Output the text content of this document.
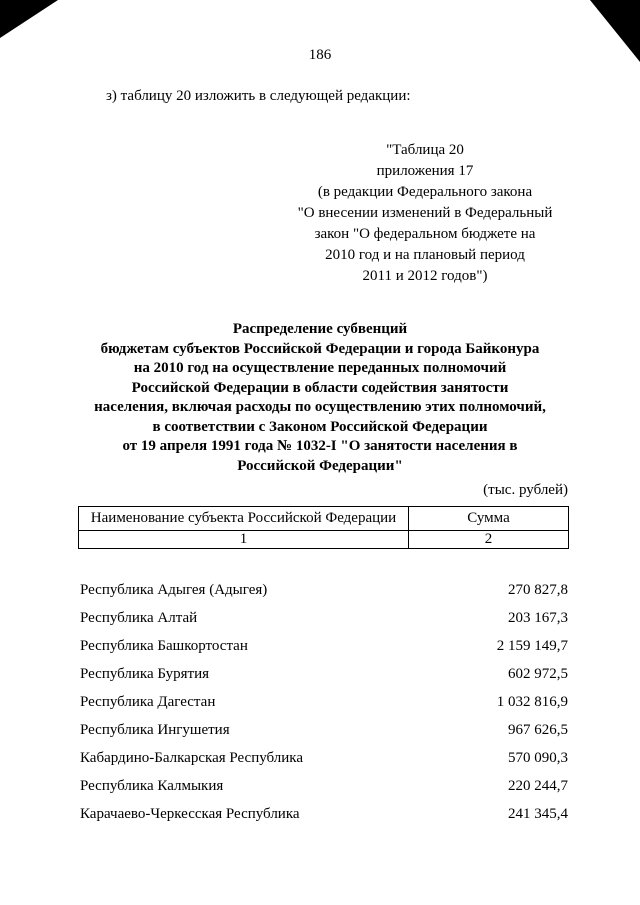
186
з) таблицу 20 изложить в следующей редакции:
"Таблица 20
приложения 17
(в редакции Федерального закона
"О внесении изменений в Федеральный
закон "О федеральном бюджете на
2010 год и на плановый период
2011 и 2012 годов")
Распределение субвенций
бюджетам субъектов Российской Федерации и города Байконура
на 2010 год на осуществление переданных полномочий
Российской Федерации в области содействия занятости
населения, включая расходы по осуществлению этих полномочий,
в соответствии с Законом Российской Федерации
от 19 апреля 1991 года № 1032-I "О занятости населения в
Российской Федерации"
(тыс. рублей)
Наименование субъекта Российской Федерации	Сумма
1	2
Республика Адыгея (Адыгея)	270 827,8
Республика Алтай	203 167,3
Республика Башкортостан	2 159 149,7
Республика Бурятия	602 972,5
Республика Дагестан	1 032 816,9
Республика Ингушетия	967 626,5
Кабардино-Балкарская Республика	570 090,3
Республика Калмыкия	220 244,7
Карачаево-Черкесская Республика	241 345,4
